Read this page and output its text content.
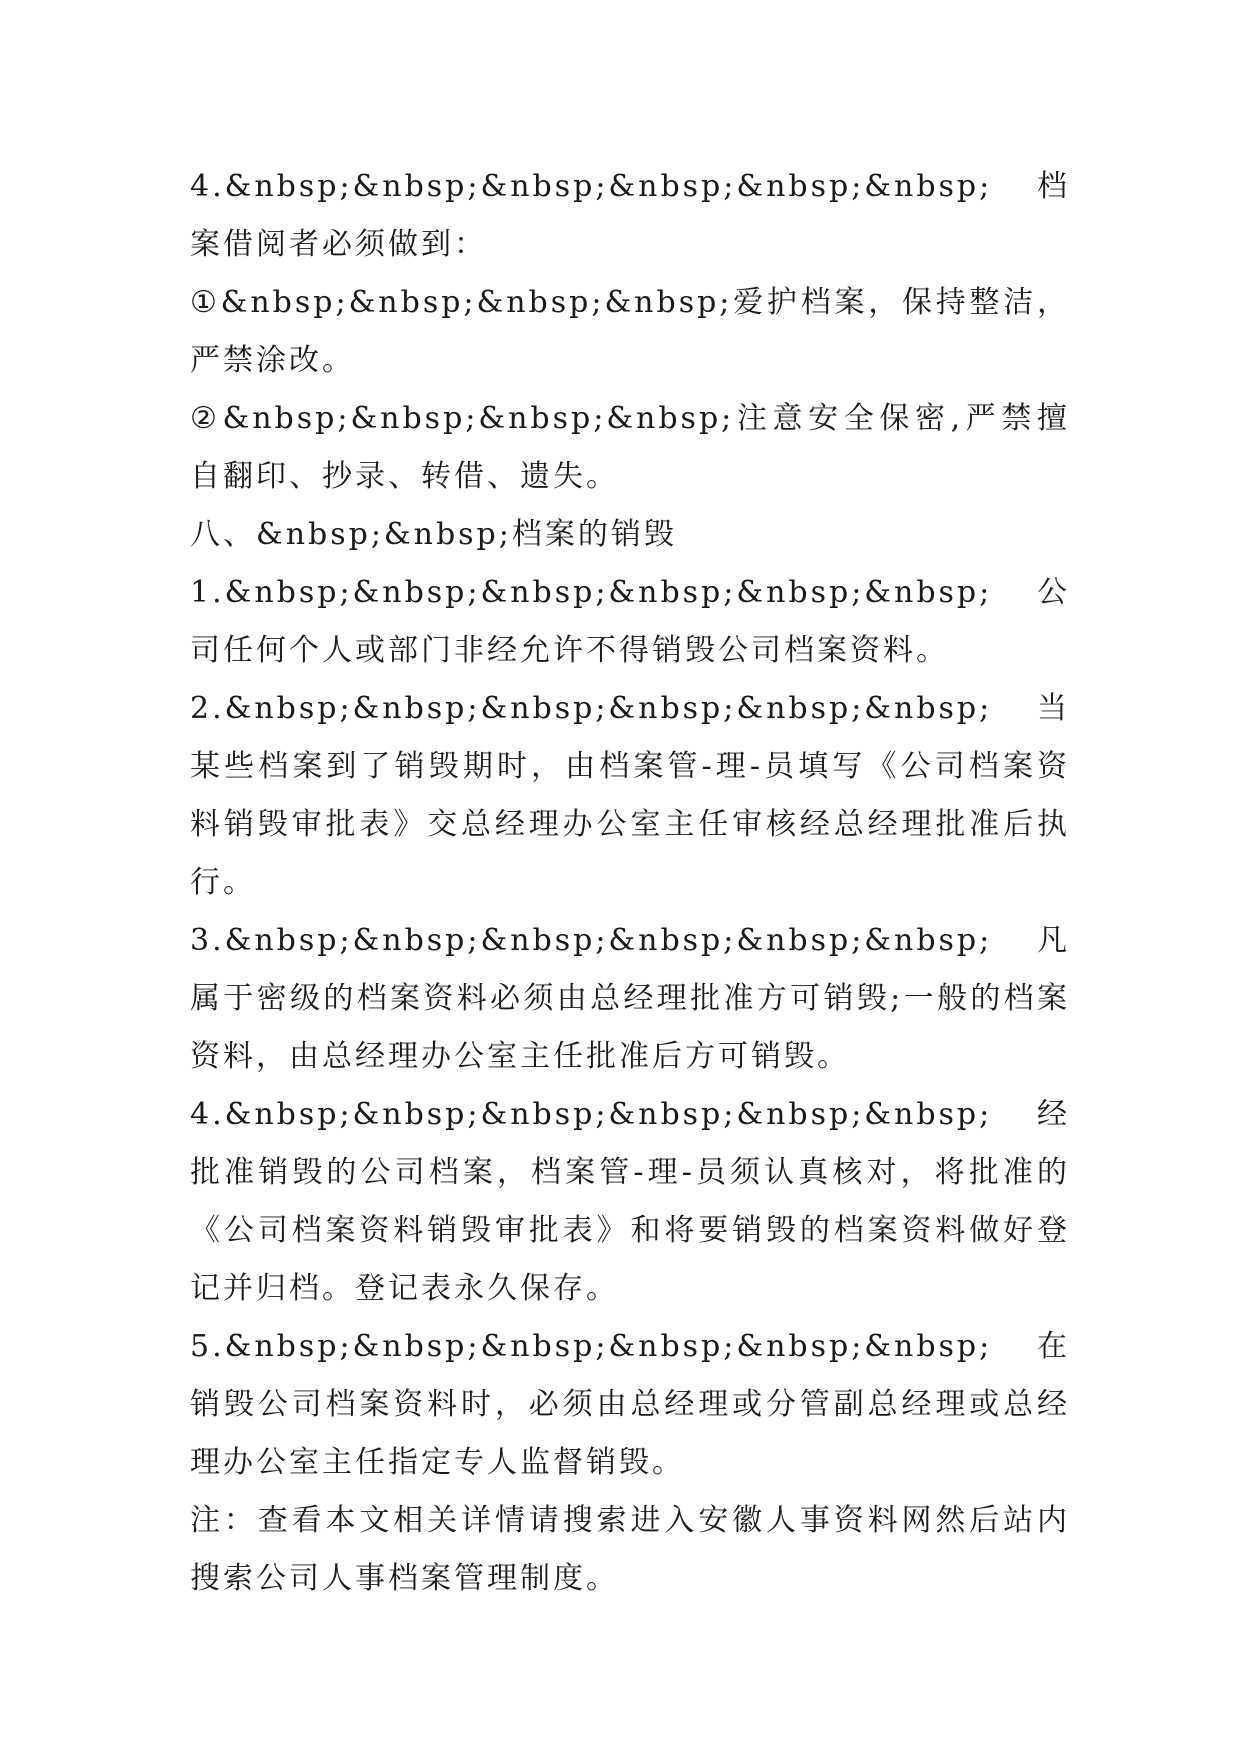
4.&nbsp;&nbsp;&nbsp;&nbsp;&nbsp;&nbsp; 档案借阅者必须做到：

①&nbsp;&nbsp;&nbsp;&nbsp;爱护档案，保持整洁，严禁涂改。

②&nbsp;&nbsp;&nbsp;&nbsp;注意安全保密,严禁擅自翻印、抄录、转借、遗失。

八、&nbsp;&nbsp;档案的销毁

1.&nbsp;&nbsp;&nbsp;&nbsp;&nbsp;&nbsp; 公司任何个人或部门非经允许不得销毁公司档案资料。

2.&nbsp;&nbsp;&nbsp;&nbsp;&nbsp;&nbsp; 当某些档案到了销毁期时，由档案管-理-员填写《公司档案资料销毁审批表》交总经理办公室主任审核经总经理批准后执行。

3.&nbsp;&nbsp;&nbsp;&nbsp;&nbsp;&nbsp; 凡属于密级的档案资料必须由总经理批准方可销毁;一般的档案资料，由总经理办公室主任批准后方可销毁。

4.&nbsp;&nbsp;&nbsp;&nbsp;&nbsp;&nbsp; 经批准销毁的公司档案，档案管-理-员须认真核对，将批准的《公司档案资料销毁审批表》和将要销毁的档案资料做好登记并归档。登记表永久保存。

5.&nbsp;&nbsp;&nbsp;&nbsp;&nbsp;&nbsp; 在销毁公司档案资料时，必须由总经理或分管副总经理或总经理办公室主任指定专人监督销毁。

注：查看本文相关详情请搜索进入安徽人事资料网然后站内搜索公司人事档案管理制度。
